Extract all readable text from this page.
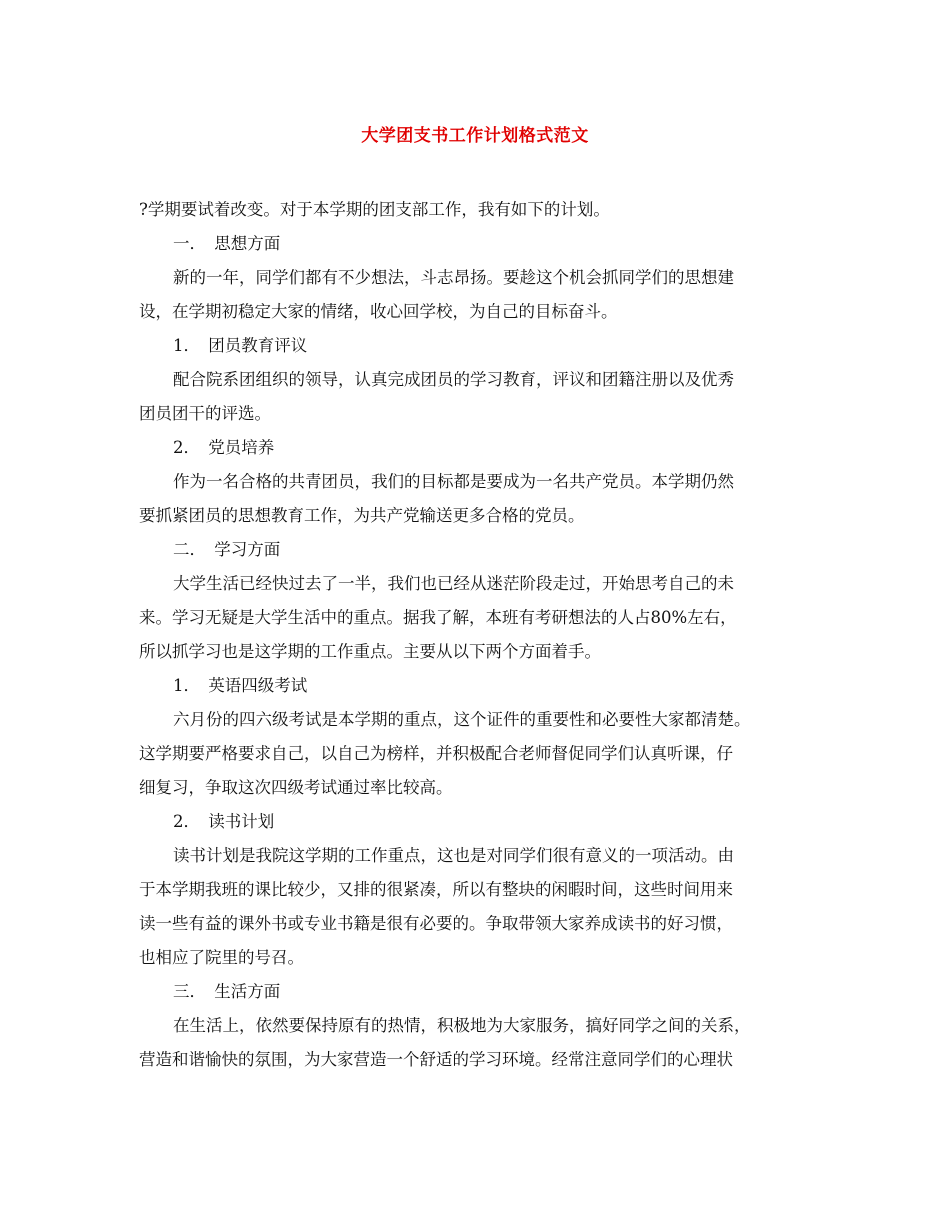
大学团支书工作计划格式范文
?学期要试着改变。对于本学期的团支部工作，我有如下的计划。
一．　思想方面
新的一年，同学们都有不少想法，斗志昂扬。要趁这个机会抓同学们的思想建
设，在学期初稳定大家的情绪，收心回学校，为自己的目标奋斗。
1．　团员教育评议
配合院系团组织的领导，认真完成团员的学习教育，评议和团籍注册以及优秀
团员团干的评选。
2．　党员培养
作为一名合格的共青团员，我们的目标都是要成为一名共产党员。本学期仍然
要抓紧团员的思想教育工作，为共产党输送更多合格的党员。
二．　学习方面
大学生活已经快过去了一半，我们也已经从迷茫阶段走过，开始思考自己的未
来。学习无疑是大学生活中的重点。据我了解，本班有考研想法的人占80%左右，
所以抓学习也是这学期的工作重点。主要从以下两个方面着手。
1．　英语四级考试
六月份的四六级考试是本学期的重点，这个证件的重要性和必要性大家都清楚。
这学期要严格要求自己，以自己为榜样，并积极配合老师督促同学们认真听课，仔
细复习，争取这次四级考试通过率比较高。
2．　读书计划
读书计划是我院这学期的工作重点，这也是对同学们很有意义的一项活动。由
于本学期我班的课比较少，又排的很紧凑，所以有整块的闲暇时间，这些时间用来
读一些有益的课外书或专业书籍是很有必要的。争取带领大家养成读书的好习惯，
也相应了院里的号召。
三．　生活方面
在生活上，依然要保持原有的热情，积极地为大家服务，搞好同学之间的关系，
营造和谐愉快的氛围，为大家营造一个舒适的学习环境。经常注意同学们的心理状
